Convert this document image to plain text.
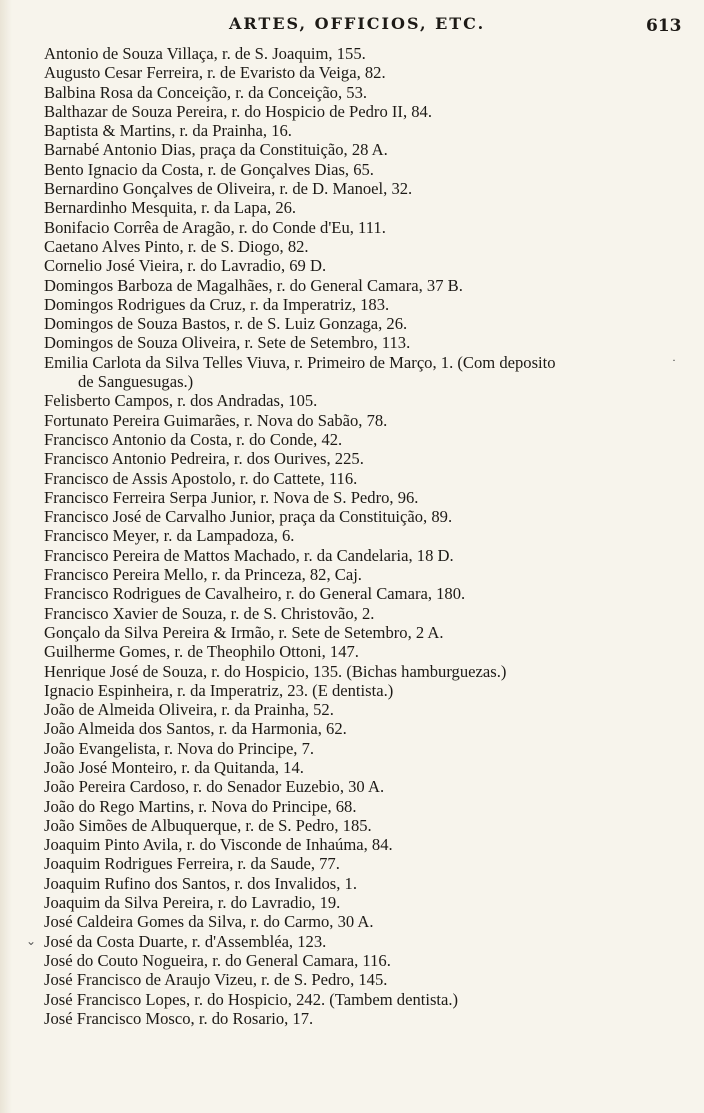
ARTES, OFFICIOS, ETC.	613
Antonio de Souza Villaça, r. de S. Joaquim, 155.
Augusto Cesar Ferreira, r. de Evaristo da Veiga, 82.
Balbina Rosa da Conceição, r. da Conceição, 53.
Balthazar de Souza Pereira, r. do Hospicio de Pedro II, 84.
Baptista & Martins, r. da Prainha, 16.
Barnabé Antonio Dias, praça da Constituição, 28 A.
Bento Ignacio da Costa, r. de Gonçalves Dias, 65.
Bernardino Gonçalves de Oliveira, r. de D. Manoel, 32.
Bernardinho Mesquita, r. da Lapa, 26.
Bonifacio Corrêa de Aragão, r. do Conde d'Eu, 111.
Caetano Alves Pinto, r. de S. Diogo, 82.
Cornelio José Vieira, r. do Lavradio, 69 D.
Domingos Barboza de Magalhães, r. do General Camara, 37 B.
Domingos Rodrigues da Cruz, r. da Imperatriz, 183.
Domingos de Souza Bastos, r. de S. Luiz Gonzaga, 26.
Domingos de Souza Oliveira, r. Sete de Setembro, 113.
Emilia Carlota da Silva Telles Viuva, r. Primeiro de Março, 1. (Com deposito
de Sanguesugas.)
Felisberto Campos, r. dos Andradas, 105.
Fortunato Pereira Guimarães, r. Nova do Sabão, 78.
Francisco Antonio da Costa, r. do Conde, 42.
Francisco Antonio Pedreira, r. dos Ourives, 225.
Francisco de Assis Apostolo, r. do Cattete, 116.
Francisco Ferreira Serpa Junior, r. Nova de S. Pedro, 96.
Francisco José de Carvalho Junior, praça da Constituição, 89.
Francisco Meyer, r. da Lampadoza, 6.
Francisco Pereira de Mattos Machado, r. da Candelaria, 18 D.
Francisco Pereira Mello, r. da Princeza, 82, Caj.
Francisco Rodrigues de Cavalheiro, r. do General Camara, 180.
Francisco Xavier de Souza, r. de S. Christovão, 2.
Gonçalo da Silva Pereira & Irmão, r. Sete de Setembro, 2 A.
Guilherme Gomes, r. de Theophilo Ottoni, 147.
Henrique José de Souza, r. do Hospicio, 135. (Bichas hamburguezas.)
Ignacio Espinheira, r. da Imperatriz, 23. (E dentista.)
João de Almeida Oliveira, r. da Prainha, 52.
João Almeida dos Santos, r. da Harmonia, 62.
João Evangelista, r. Nova do Principe, 7.
João José Monteiro, r. da Quitanda, 14.
João Pereira Cardoso, r. do Senador Euzebio, 30 A.
João do Rego Martins, r. Nova do Principe, 68.
João Simões de Albuquerque, r. de S. Pedro, 185.
Joaquim Pinto Avila, r. do Visconde de Inhaúma, 84.
Joaquim Rodrigues Ferreira, r. da Saude, 77.
Joaquim Rufino dos Santos, r. dos Invalidos, 1.
Joaquim da Silva Pereira, r. do Lavradio, 19.
José Caldeira Gomes da Silva, r. do Carmo, 30 A.
José da Costa Duarte, r. d'Assembléa, 123.
José do Couto Nogueira, r. do General Camara, 116.
José Francisco de Araujo Vizeu, r. de S. Pedro, 145.
José Francisco Lopes, r. do Hospicio, 242. (Tambem dentista.)
José Francisco Mosco, r. do Rosario, 17.
⌄
·
